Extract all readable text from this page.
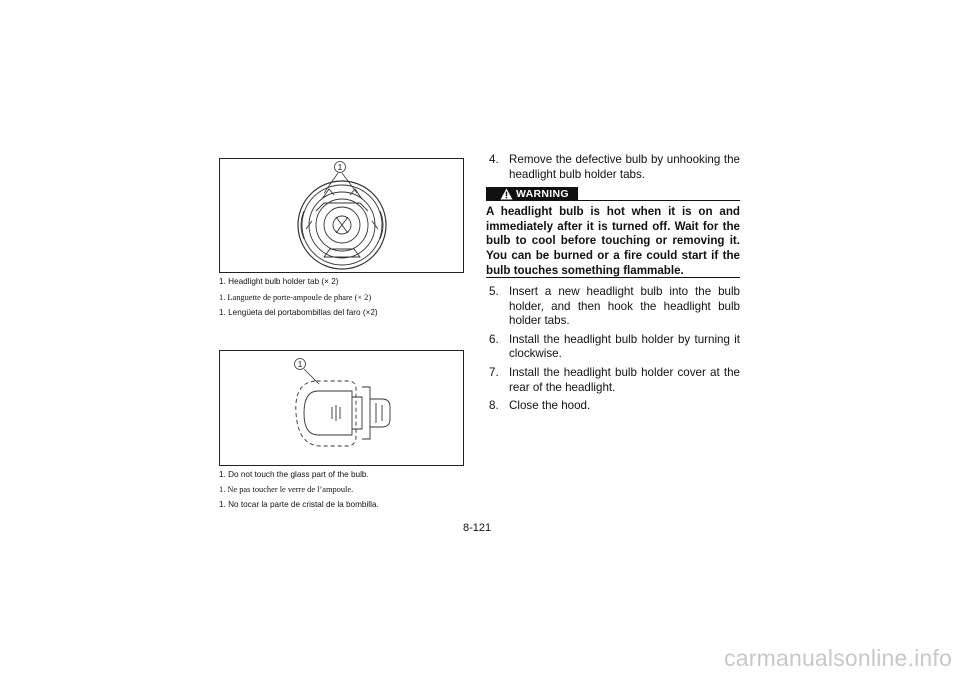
1
1. Headlight bulb holder tab (× 2)
1. Languette de porte-ampoule de phare (× 2)
1. Lengüeta del portabombillas del faro (×2)
1
1. Do not touch the glass part of the bulb.
1. Ne pas toucher le verre de l’ampoule.
1. No tocar la parte de cristal de la bombilla.
4. Remove the defective bulb by unhooking the headlight bulb holder tabs.
WARNING
A headlight bulb is hot when it is on and immediately after it is turned off. Wait for the bulb to cool before touching or removing it. You can be burned or a fire could start if the bulb touches something flammable.
5. Insert a new headlight bulb into the bulb holder, and then hook the headlight bulb holder tabs.
6. Install the headlight bulb holder by turning it clockwise.
7. Install the headlight bulb holder cover at the rear of the headlight.
8. Close the hood.
8-121
carmanualsonline.info
